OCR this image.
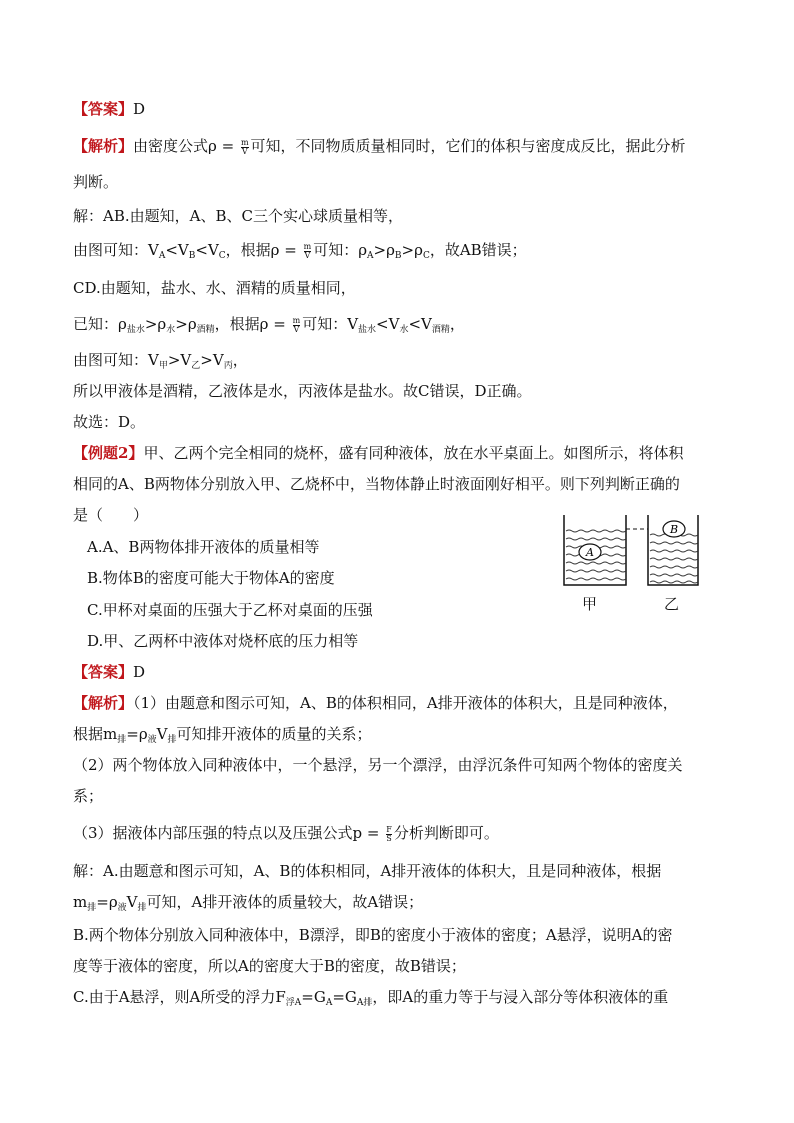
【答案】D
【解析】由密度公式$\rho = \frac{m}{V}$ 可知，不同物质质量相同时，它们的体积与密度成反比，据此分析
判断。
解：AB.由题知，A、B、C三个实心球质量相等，
由图可知：$V_A<V_B<V_C$，根据$\rho = \frac{m}{V}$ 可知：$\rho_A>\rho_B>\rho_C$，故AB错误；
CD.由题知，盐水、水、酒精的质量相同，
已知：$\rho_{盐水}>\rho_水>\rho_{酒精}$，根据$\rho = \frac{m}{V}$ 可知：$V_{盐水}<V_水<V_{酒精}$，
由图可知：$V_甲>V_乙>V_丙$，
所以甲液体是酒精，乙液体是水，丙液体是盐水。故C错误，D正确。
故选：D。
【例题2】甲、乙两个完全相同的烧杯，盛有同种液体，放在水平桌面上。如图所示，将体积
相同的A、B两物体分别放入甲、乙烧杯中，当物体静止时液面刚好相平。则下列判断正确的
是（　　）
A.A、B两物体排开液体的质量相等
B.物体B的密度可能大于物体A的密度
C.甲杯对桌面的压强大于乙杯对桌面的压强
D.甲、乙两杯中液体对烧杯底的压力相等
A
B
甲	乙
【答案】D
【解析】（1）由题意和图示可知，A、B的体积相同，A排开液体的体积大，且是同种液体，
根据$m_排=\rho_液V_排$可知排开液体的质量的关系；
（2）两个物体放入同种液体中，一个悬浮，另一个漂浮，由浮沉条件可知两个物体的密度关
系；
（3）据液体内部压强的特点以及压强公式$p = \frac{F}{S}$ 分析判断即可。
解：A.由题意和图示可知，A、B的体积相同，A排开液体的体积大，且是同种液体，根据
$m_排=\rho_液V_排$可知，A排开液体的质量较大，故A错误；
B.两个物体分别放入同种液体中，B漂浮，即B的密度小于液体的密度；A悬浮，说明A的密
度等于液体的密度，所以A的密度大于B的密度，故B错误；
C.由于A悬浮，则A所受的浮力$F_{浮A}=G_A=G_{A排}$，即A的重力等于与浸入部分等体积液体的重
